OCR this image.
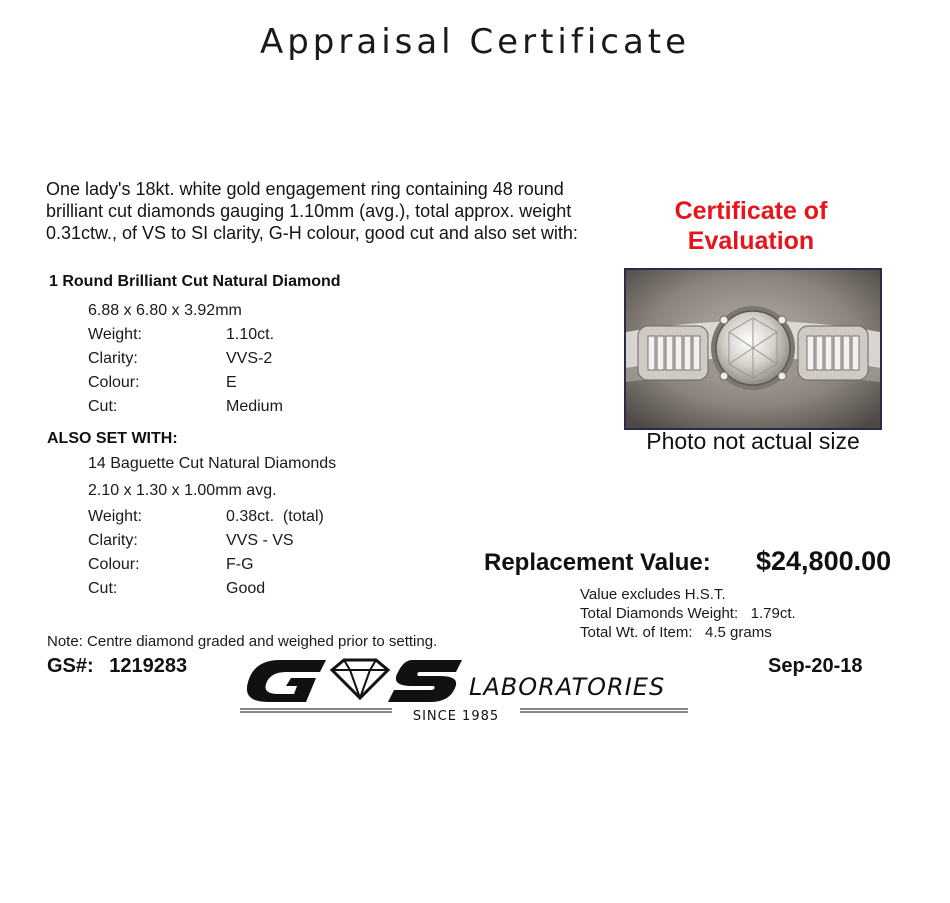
Appraisal Certificate
One lady's 18kt. white gold engagement ring containing 48 round brilliant cut diamonds gauging 1.10mm (avg.), total approx. weight 0.31ctw., of VS to SI clarity, G-H colour, good cut and also set with:
1 Round Brilliant Cut Natural Diamond
6.88 x 6.80 x 3.92mm
Weight:	1.10ct.
Clarity:	VVS-2
Colour:	E
Cut:	Medium
ALSO SET WITH:
14 Baguette Cut Natural Diamonds
2.10 x 1.30 x 1.00mm avg.
Weight:	0.38ct.  (total)
Clarity:	VVS - VS
Colour:	F-G
Cut:	Good
Certificate of
Evaluation
Photo not actual size
Replacement Value: $24,800.00
Value excludes H.S.T.
Total Diamonds Weight:   1.79ct.
Total Wt. of Item:   4.5 grams
Note: Centre diamond graded and weighed prior to setting.
GS#: 1219283	Sep-20-18
LABORATORIES
SINCE 1985
